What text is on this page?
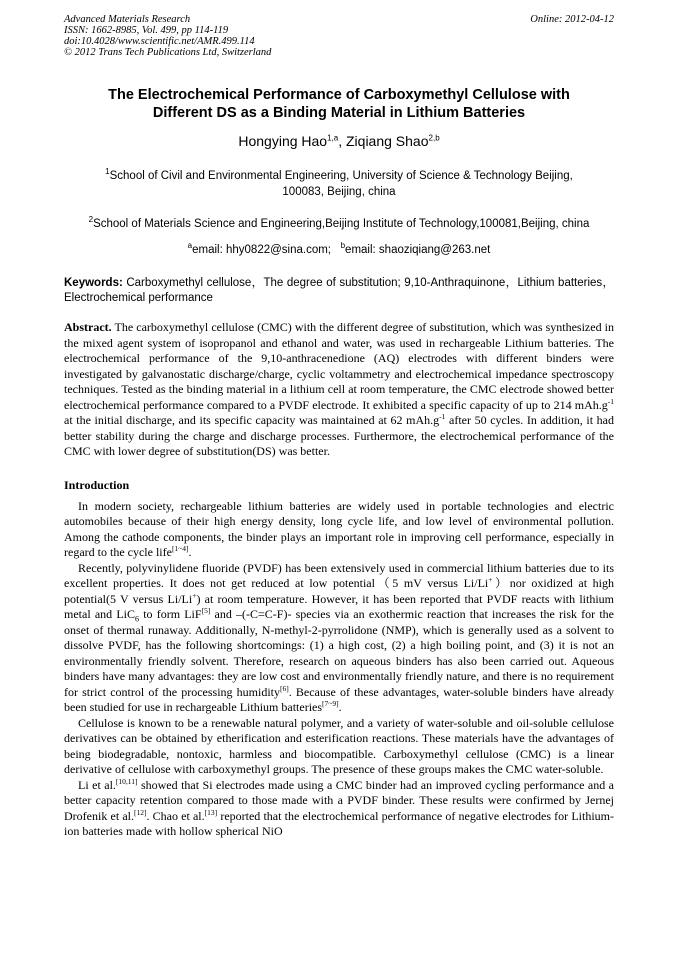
Advanced Materials Research
ISSN: 1662-8985, Vol. 499, pp 114-119
doi:10.4028/www.scientific.net/AMR.499.114
© 2012 Trans Tech Publications Ltd, Switzerland
Online: 2012-04-12
The Electrochemical Performance of Carboxymethyl Cellulose with
Different DS as a Binding Material in Lithium Batteries
Hongying Hao$^{1,a}$, Ziqiang Shao$^{2,b}$
$^1$School of Civil and Environmental Engineering, University of Science & Technology Beijing,
100083, Beijing, china
$^2$School of Materials Science and Engineering,Beijing Institute of Technology,100081,Beijing, china
$^a$email: hhy0822@sina.com; $^b$email: shaoziqiang@263.net
Keywords: Carboxymethyl cellulose，The degree of substitution; 9,10-Anthraquinone，Lithium batteries， Electrochemical performance
Abstract. The carboxymethyl cellulose (CMC) with the different degree of substitution, which was synthesized in the mixed agent system of isopropanol and ethanol and water, was used in rechargeable Lithium batteries. The electrochemical performance of the 9,10-anthracenedione (AQ) electrodes with different binders were investigated by galvanostatic discharge/charge, cyclic voltammetry and electrochemical impedance spectroscopy techniques. Tested as the binding material in a lithium cell at room temperature, the CMC electrode showed better electrochemical performance compared to a PVDF electrode. It exhibited a specific capacity of up to 214 mAh.g$^{-1}$ at the initial discharge, and its specific capacity was maintained at 62 mAh.g$^{-1}$ after 50 cycles. In addition, it had better stability during the charge and discharge processes. Furthermore, the electrochemical performance of the CMC with lower degree of substitution(DS) was better.
Introduction

In modern society, rechargeable lithium batteries are widely used in portable technologies and electric automobiles because of their high energy density, long cycle life, and low level of environmental pollution. Among the cathode components, the binder plays an important role in improving cell performance, especially in regard to the cycle life[1~4].

Recently, polyvinylidene fluoride (PVDF) has been extensively used in commercial lithium batteries due to its excellent properties. It does not get reduced at low potential（5 mV versus Li/Li+）nor oxidized at high potential(5 V versus Li/Li+) at room temperature. However, it has been reported that PVDF reacts with lithium metal and LiC$_6$ to form LiF[5] and –(-C=C-F)- species via an exothermic reaction that increases the risk for the onset of thermal runaway. Additionally, N-methyl-2-pyrrolidone (NMP), which is generally used as a solvent to dissolve PVDF, has the following shortcomings: (1) a high cost, (2) a high boiling point, and (3) it is not an environmentally friendly solvent. Therefore, research on aqueous binders has also been carried out. Aqueous binders have many advantages: they are low cost and environmentally friendly nature, and there is no requirement for strict control of the processing humidity[6]. Because of these advantages, water-soluble binders have already been studied for use in rechargeable Lithium batteries[7~9].

Cellulose is known to be a renewable natural polymer, and a variety of water-soluble and oil-soluble cellulose derivatives can be obtained by etherification and esterification reactions. These materials have the advantages of being biodegradable, nontoxic, harmless and biocompatible. Carboxymethyl cellulose (CMC) is a linear derivative of cellulose with carboxymethyl groups. The presence of these groups makes the CMC water-soluble.

Li et al.[10,11] showed that Si electrodes made using a CMC binder had an improved cycling performance and a better capacity retention compared to those made with a PVDF binder. These results were confirmed by Jernej Drofenik et al.[12]. Chao et al.[13] reported that the electrochemical performance of negative electrodes for Lithium-ion batteries made with hollow spherical NiO
